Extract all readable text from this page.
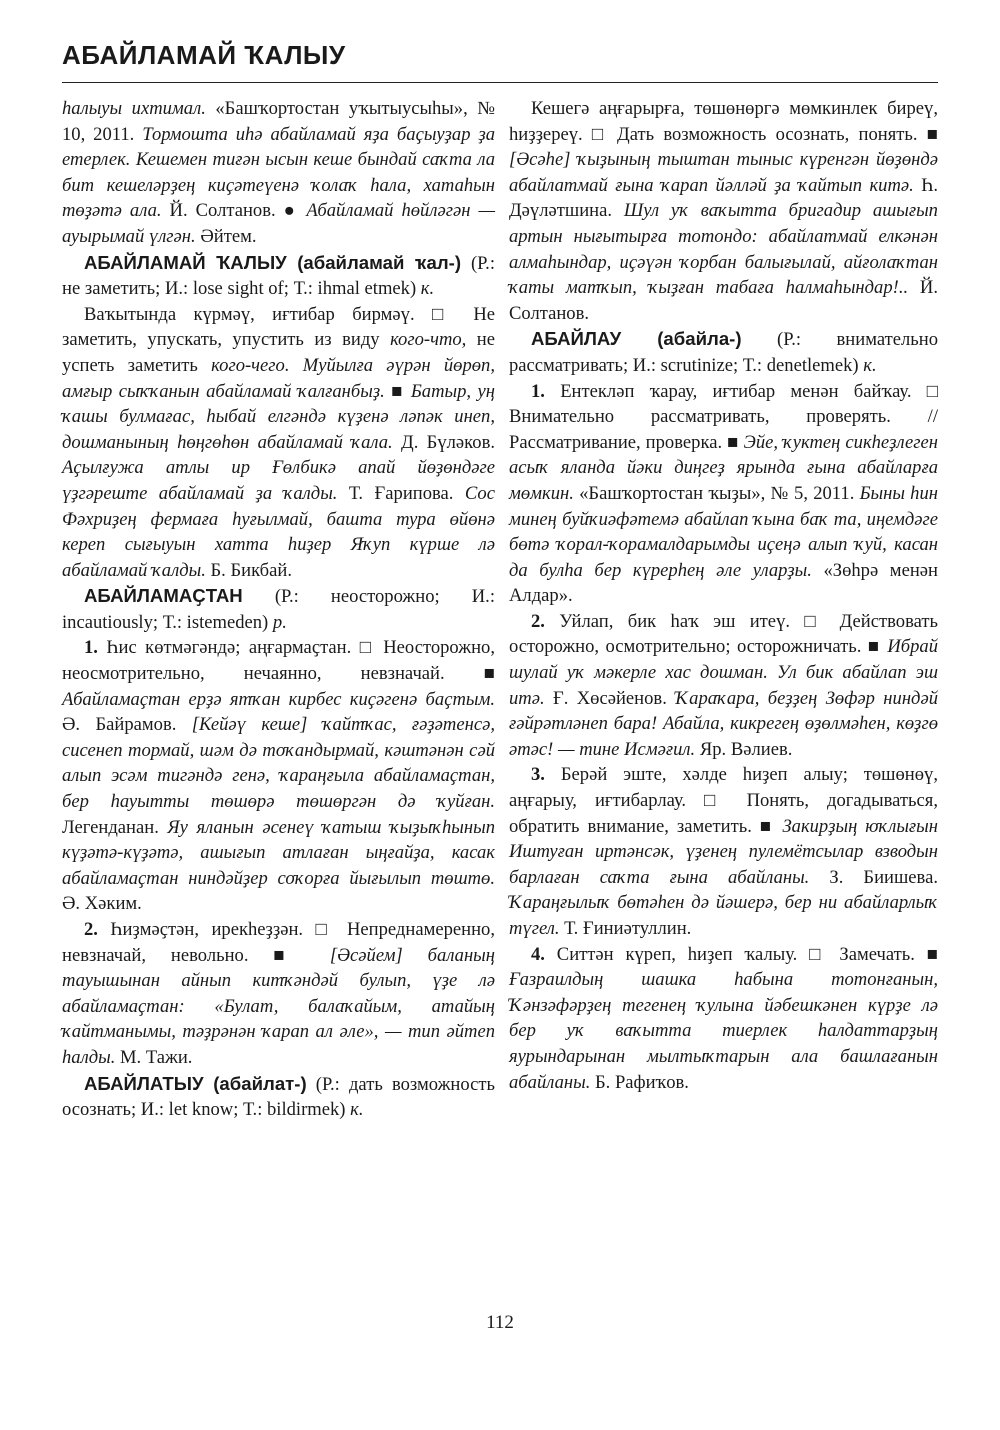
АБАЙЛАМАЙ ҠАЛЫУ

һалыуы ихтимал. «Башҡортостан уҡытыусыһы», № 10, 2011. Тормошта иһә абайламай яҙа баҫыуҙар ҙа етерлек. Кешемен тиғән ысын кеше бындай саҡта ла бит кешеләрҙең киҫәтеүенә ҡолаҡ һала, хатаһын төҙәтә ала. Й. Солтанов. ● Абайламай һөйләгән — ауырымай үлгән. Әйтем.

АБАЙЛАМАЙ ҠАЛЫУ (абайламай ҡал-) (Р.: не заметить; И.: lose sight of; Т.: ihmal etmek) к.

Ваҡытында күрмәү, иғтибар бирмәү. □ Не заметить, упускать, упустить из виду кого-что, не успеть заметить кого-чего. Муйылға әүрән йөрөп, амғыр сыҡҡанын абайламай ҡалғанбыҙ. ■ Батыр, уң ҡашы булмағас, һыбай елгәндә күҙенә ләпәк инеп, дошманының һөңгөһөн абайламай ҡала. Д. Бүләков. Аҫылғужа атлы ир Ғөлбикә апай йөҙөндәге үҙгәреште абайламай ҙа ҡалды. Т. Ғарипова. Сос Фәхриҙең фермаға һуғылмай, башта тура өйөнә кереп сығыуын хатта һиҙер Яҡуп күрше лә абайламай ҡалды. Б. Бикбай.

АБАЙЛАМАҪТАН (Р.: неосторожно; И.: incautiously; Т.: istemeden) р.

1. Һис көтмәгәндә; аңғармаҫтан. □ Неосторожно, неосмотрительно, нечаянно, невзначай. ■ Абайламаҫтан ерҙә ятҡан кирбес киҫәгенә баҫтым. Ә. Байрамов. [Кейәү кеше] ҡайтҡас, ғәҙәтенсә, сисенеп тормай, шәм дә тоҡандырмай, кәштәнән сәй алып эсәм тигәндә генә, ҡараңғыла абайламаҫтан, бер һауытты төшөрә төшөргән дә ҡуйған. Легенданан. Яу яланын әсенеү ҡатыш ҡыҙыҡһынып күҙәтә-күҙәтә, ашығып атлаған ыңғайҙа, касак абайламаҫтан ниндәйҙер соҡорға йығылып төштө. Ә. Хәким.

2. Һиҙмәҫтән, ирекһеҙҙән. □ Непреднамеренно, невзначай, невольно. ■ [Әсәйем] баланың тауышынан айнып китҡәндәй булып, үҙе лә абайламаҫтан: «Булат, балаҡайым, атайың ҡайтманымы, тәҙрәнән ҡарап ал әле», — тип әйтеп һалды. М. Тажи.

АБАЙЛАТЫУ (абайлат-) (Р.: дать возможность осознать; И.: let know; Т.: bildirmek) к.

Кешегә аңғарырға, төшөнөргә мөмкинлек биреү, һиҙҙереү. □ Дать возможность осознать, понять. ■ [Әсәһе] ҡыҙының тыштан тыныс күренгән йөҙөндә абайлатмай ғына ҡарап йәлләй ҙа ҡайтып китә. Һ. Дәүләтшина. Шул уҡ ваҡытта бригадир ашығып артын нығытырға тотондо: абайлатмай елкәнән алмаһындар, иҫәүән ҡорбан балығылай, айғолаҡтан ҡаты матҡып, ҡыҙған табаға һалмаһындар!.. Й. Солтанов.

АБАЙЛАУ (абайла-) (Р.: внимательно рассматривать; И.: scrutinize; Т.: denetlemek) к.

1. Ентекләп ҡарау, иғтибар менән байҡау. □ Внимательно рассматривать, проверять. // Рассматривание, проверка. ■ Эйе, ҡуктең сикһеҙлеген асыҡ яланда йәки диңгеҙ ярында ғына абайларға мөмкин. «Башҡортостан ҡыҙы», № 5, 2011. Быны һин минең буйҡиәфәтемә абайлап ҡына баҡ та, иңемдәге бөтә ҡорал-ҡорамалдарымды иҫеңә алып ҡуй, касан да булһа бер күрерһең әле уларҙы. «Зөһрә менән Алдар».

2. Уйлап, бик һаҡ эш итеү. □ Действовать осторожно, осмотрительно; осторожничать. ■ Ибрай шулай уҡ мәкерле хас дошман. Ул бик абайлап эш итә. Ғ. Хөсәйенов. Ҡараҡара, беҙҙең Зөфәр ниндәй ғәйрәтләнеп бара! Абайла, кикрегең өҙөлмәһен, көҙгө әтәс! — тине Исмәғил. Яр. Вәлиев.

3. Берәй эште, хәлде һиҙеп алыу; төшөнөү, аңғарыу, иғтибарлау. □ Понять, догадываться, обратить внимание, заметить. ■ Закирҙың юҡлығын Иштуған иртәнсәк, үҙенең пулемётсылар взводын барлаған саҡта ғына абайланы. З. Биишева. Ҡараңғылыҡ бөтәһен дә йәшерә, бер ни абайларлыҡ түгел. Т. Ғиниәтуллин.

4. Ситтән күреп, һиҙеп ҡалыу. □ Замечать. ■ Ғазраилдың шашка һабына тотонғанын, Ҡәнзәфәрҙең тегенең ҡулына йәбешкәнен күрҙе лә бер уҡ ваҡытта тиерлек һалдаттарҙың яурындарынан мылтыҡтарын ала башлағанын абайланы. Б. Рафиҡов.

112
